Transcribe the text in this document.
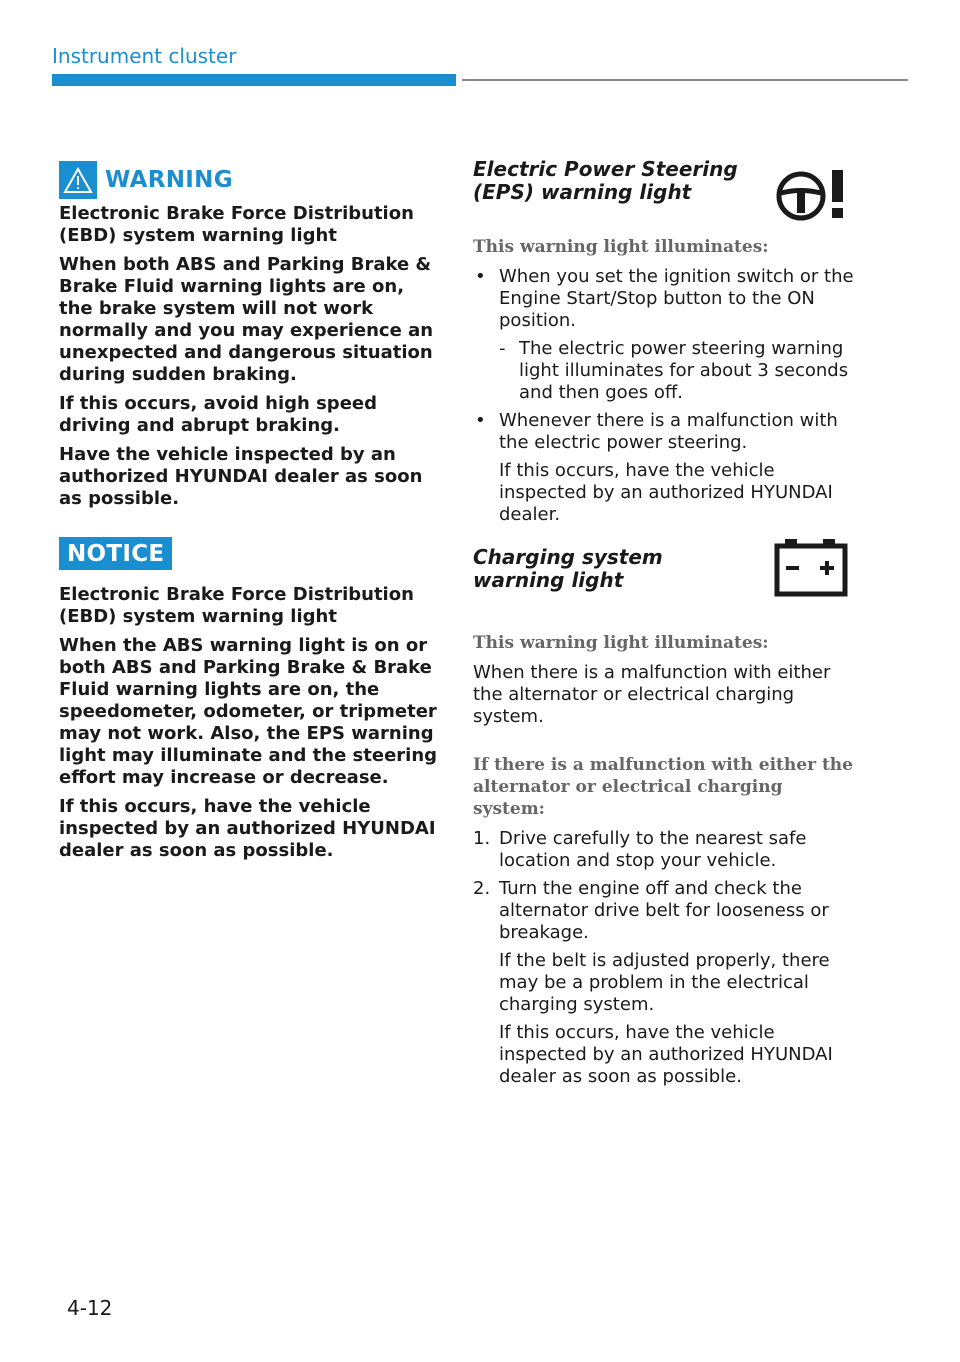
Instrument cluster
WARNING

Electronic Brake Force Distribution (EBD) system warning light

When both ABS and Parking Brake & Brake Fluid warning lights are on, the brake system will not work normally and you may experience an unexpected and dangerous situation during sudden braking.

If this occurs, avoid high speed driving and abrupt braking.

Have the vehicle inspected by an authorized HYUNDAI dealer as soon as possible.

NOTICE

Electronic Brake Force Distribution (EBD) system warning light

When the ABS warning light is on or both ABS and Parking Brake & Brake Fluid warning lights are on, the speedometer, odometer, or tripmeter may not work. Also, the EPS warning light may illuminate and the steering effort may increase or decrease.

If this occurs, have the vehicle inspected by an authorized HYUNDAI dealer as soon as possible.

Electric Power Steering (EPS) warning light
This warning light illuminates:
• When you set the ignition switch or the Engine Start/Stop button to the ON position.
- The electric power steering warning light illuminates for about 3 seconds and then goes off.
• Whenever there is a malfunction with the electric power steering.
If this occurs, have the vehicle inspected by an authorized HYUNDAI dealer.
Charging system warning light
This warning light illuminates:

When there is a malfunction with either the alternator or electrical charging system.

If there is a malfunction with either the alternator or electrical charging system:
1. Drive carefully to the nearest safe location and stop your vehicle.
2. Turn the engine off and check the alternator drive belt for looseness or breakage.
If the belt is adjusted properly, there may be a problem in the electrical charging system.
If this occurs, have the vehicle inspected by an authorized HYUNDAI dealer as soon as possible.
4-12
